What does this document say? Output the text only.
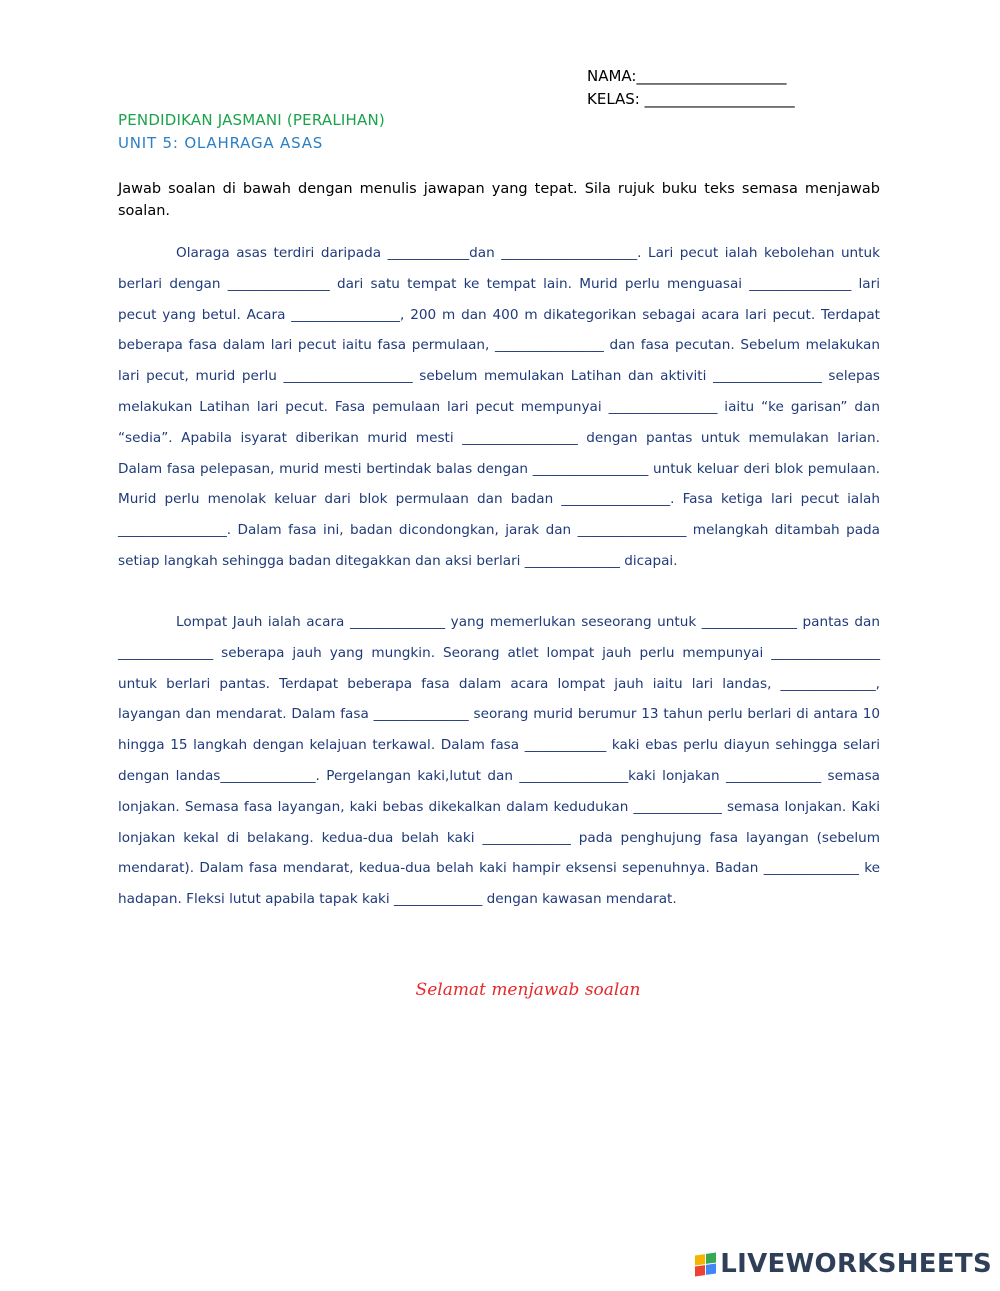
NAMA:____________________
KELAS: ____________________
PENDIDIKAN JASMANI (PERALIHAN)
UNIT 5: OLAHRAGA ASAS
Jawab soalan di bawah dengan menulis jawapan yang tepat. Sila rujuk buku teks semasa menjawab soalan.

Olaraga asas terdiri daripada ____________dan ____________________. Lari pecut ialah kebolehan untuk berlari dengan _______________ dari satu tempat ke tempat lain. Murid perlu menguasai _______________ lari pecut yang betul. Acara ________________, 200 m dan 400 m dikategorikan sebagai acara lari pecut. Terdapat beberapa fasa dalam lari pecut iaitu fasa permulaan, ________________ dan fasa pecutan. Sebelum melakukan lari pecut, murid perlu ___________________ sebelum memulakan Latihan dan aktiviti ________________ selepas melakukan Latihan lari pecut. Fasa pemulaan lari pecut mempunyai ________________ iaitu “ke garisan” dan “sedia”. Apabila isyarat diberikan murid mesti _________________ dengan pantas untuk memulakan larian. Dalam fasa pelepasan, murid mesti bertindak balas dengan _________________ untuk keluar deri blok pemulaan. Murid perlu menolak keluar dari blok permulaan dan badan ________________. Fasa ketiga lari pecut ialah ________________. Dalam fasa ini, badan dicondongkan, jarak dan ________________ melangkah ditambah pada setiap langkah sehingga badan ditegakkan dan aksi berlari ______________ dicapai.

Lompat Jauh ialah acara ______________ yang memerlukan seseorang untuk ______________ pantas dan ______________ seberapa jauh yang mungkin. Seorang atlet lompat jauh perlu mempunyai ________________ untuk berlari pantas. Terdapat beberapa fasa dalam acara lompat jauh iaitu lari landas, ______________, layangan dan mendarat. Dalam fasa ______________ seorang murid berumur 13 tahun perlu berlari di antara 10 hingga 15 langkah dengan kelajuan terkawal. Dalam fasa ____________ kaki ebas perlu diayun sehingga selari dengan landas______________. Pergelangan kaki,lutut dan ________________kaki lonjakan ______________ semasa lonjakan. Semasa fasa layangan, kaki bebas dikekalkan dalam kedudukan _____________ semasa lonjakan. Kaki lonjakan kekal di belakang. kedua-dua belah kaki _____________ pada penghujung fasa layangan (sebelum mendarat). Dalam fasa mendarat, kedua-dua belah kaki hampir eksensi sepenuhnya. Badan ______________ ke hadapan. Fleksi lutut apabila tapak kaki _____________ dengan kawasan mendarat.

Selamat menjawab soalan
LIVEWORKSHEETS
